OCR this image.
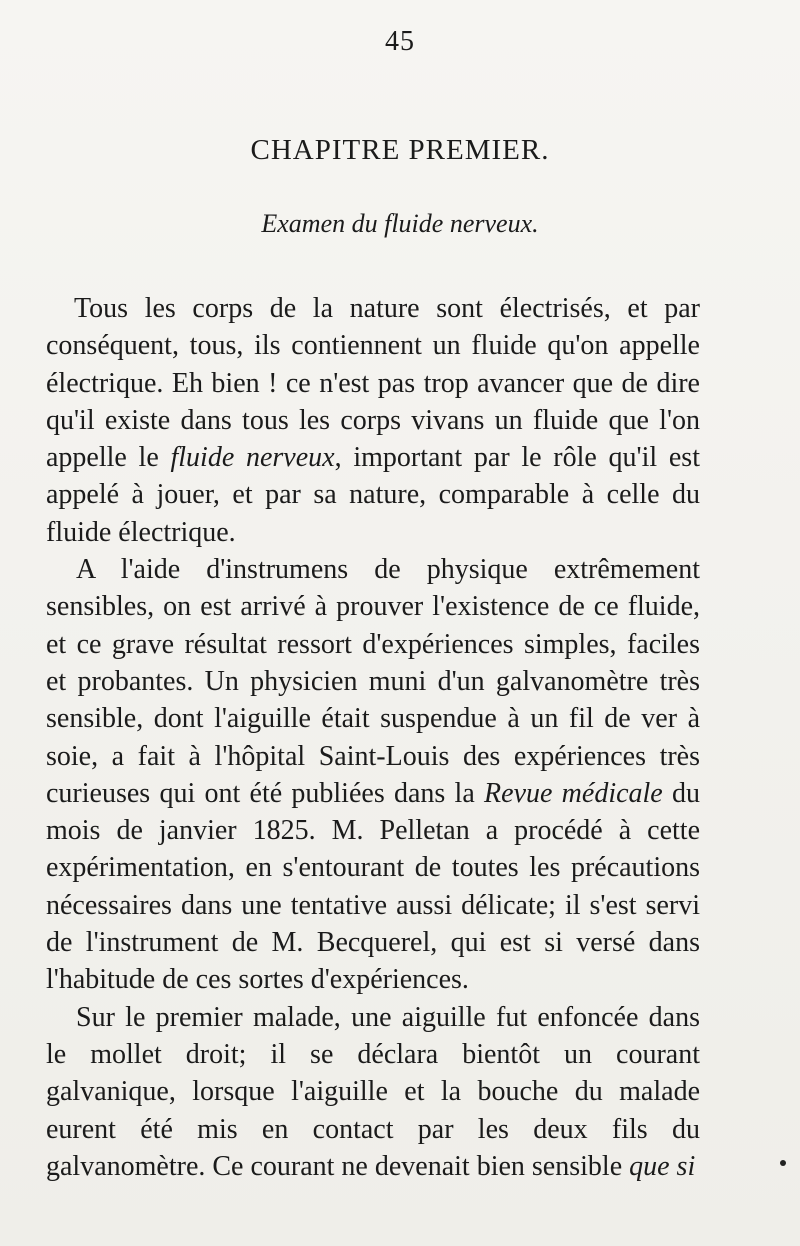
45
CHAPITRE PREMIER.
Examen du fluide nerveux.

Tous les corps de la nature sont électrisés, et par conséquent, tous, ils contiennent un fluide qu'on appelle électrique. Eh bien ! ce n'est pas trop avancer que de dire qu'il existe dans tous les corps vivans un fluide que l'on appelle le fluide nerveux, important par le rôle qu'il est appelé à jouer, et par sa nature, comparable à celle du fluide électrique.

A l'aide d'instrumens de physique extrêmement sensibles, on est arrivé à prouver l'existence de ce fluide, et ce grave résultat ressort d'expériences simples, faciles et probantes. Un physicien muni d'un galvanomètre très sensible, dont l'aiguille était suspendue à un fil de ver à soie, a fait à l'hôpital Saint-Louis des expériences très curieuses qui ont été publiées dans la Revue médicale du mois de janvier 1825. M. Pelletan a procédé à cette expérimentation, en s'entourant de toutes les précautions nécessaires dans une tentative aussi délicate; il s'est servi de l'instrument de M. Becquerel, qui est si versé dans l'habitude de ces sortes d'expériences.

Sur le premier malade, une aiguille fut enfoncée dans le mollet droit; il se déclara bientôt un courant galvanique, lorsque l'aiguille et la bouche du malade eurent été mis en contact par les deux fils du galvanomètre. Ce courant ne devenait bien sensible que si
